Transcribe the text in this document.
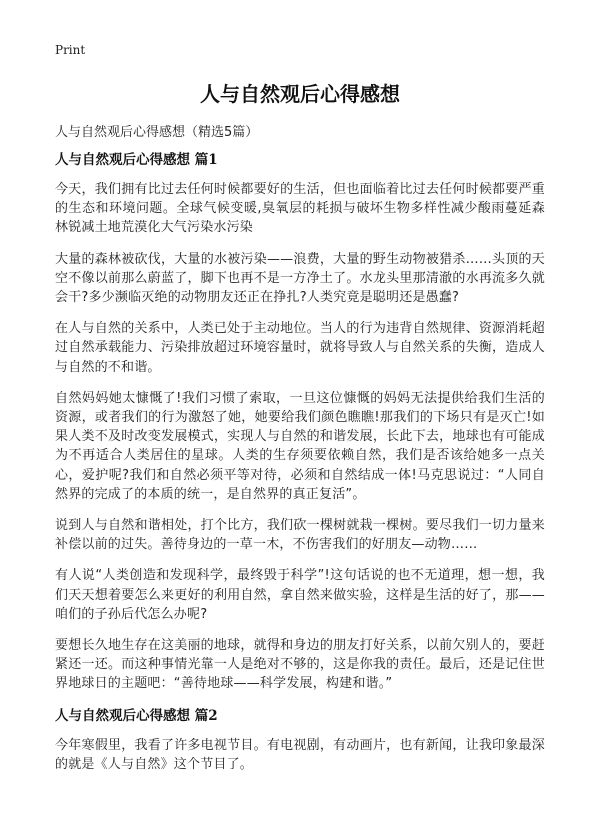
Print
人与自然观后心得感想

人与自然观后心得感想（精选5篇）

人与自然观后心得感想 篇1

今天，我们拥有比过去任何时候都要好的生活，但也面临着比过去任何时候都要严重的生态和环境问题。全球气候变暖,臭氧层的耗损与破坏生物多样性减少酸雨蔓延森林锐减土地荒漠化大气污染水污染

大量的森林被砍伐，大量的水被污染——浪费，大量的野生动物被猎杀……头顶的天空不像以前那么蔚蓝了，脚下也再不是一方净土了。水龙头里那清澈的水再流多久就会干?多少濒临灭绝的动物朋友还正在挣扎?人类究竟是聪明还是愚蠢?

在人与自然的关系中，人类已处于主动地位。当人的行为违背自然规律、资源消耗超过自然承载能力、污染排放超过环境容量时，就将导致人与自然关系的失衡，造成人与自然的不和谐。

自然妈妈她太慷慨了!我们习惯了索取，一旦这位慷慨的妈妈无法提供给我们生活的资源，或者我们的行为激怒了她，她要给我们颜色瞧瞧!那我们的下场只有是灭亡!如果人类不及时改变发展模式，实现人与自然的和谐发展，长此下去，地球也有可能成为不再适合人类居住的星球。人类的生存须要依赖自然，我们是否该给她多一点关心，爱护呢?我们和自然必须平等对待，必须和自然结成一体!马克思说过：“人同自然界的完成了的本质的统一，是自然界的真正复活”。

说到人与自然和谐相处，打个比方，我们砍一棵树就栽一棵树。要尽我们一切力量来补偿以前的过失。善待身边的一草一木，不伤害我们的好朋友—动物……

有人说“人类创造和发现科学，最终毁于科学”!这句话说的也不无道理，想一想，我们天天想着要怎么来更好的利用自然，拿自然来做实验，这样是生活的好了，那——咱们的子孙后代怎么办呢?

要想长久地生存在这美丽的地球，就得和身边的朋友打好关系，以前欠别人的，要赶紧还一还。而这种事情光靠一人是绝对不够的，这是你我的责任。最后，还是记住世界地球日的主题吧：“善待地球——科学发展，构建和谐。”

人与自然观后心得感想 篇2

今年寒假里，我看了许多电视节目。有电视剧，有动画片，也有新闻，让我印象最深的就是《人与自然》这个节目了。
